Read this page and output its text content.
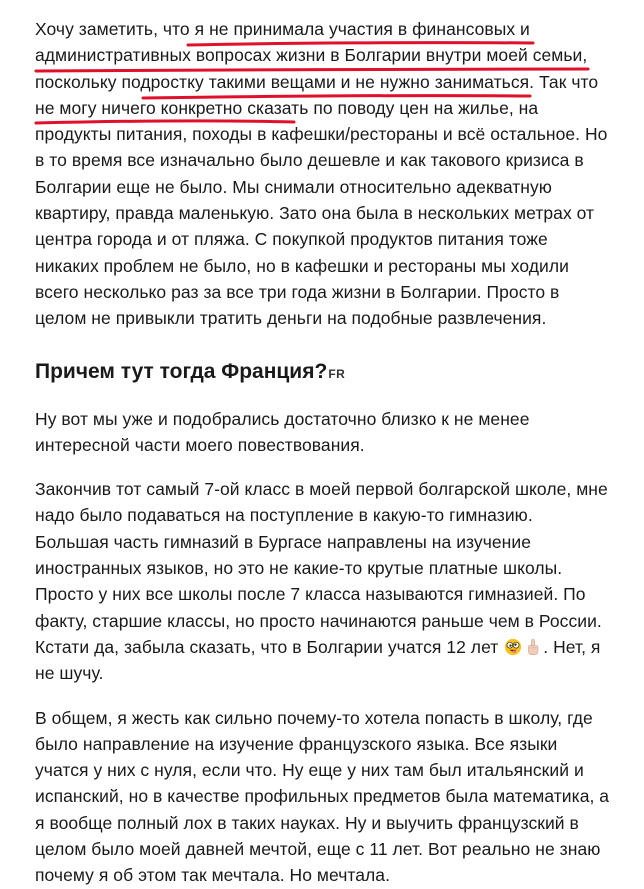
Хочу заметить, что я не принимала участия в финансовых и административных вопросах жизни в Болгарии внутри моей семьи, поскольку подростку такими вещами и не нужно заниматься. Так что не могу ничего конкретно сказать по поводу цен на жилье, на продукты питания, походы в кафешки/рестораны и всё остальное. Но в то время все изначально было дешевле и как такового кризиса в Болгарии еще не было. Мы снимали относительно адекватную квартиру, правда маленькую. Зато она была в нескольких метрах от центра города и от пляжа. С покупкой продуктов питания тоже никаких проблем не было, но в кафешки и рестораны мы ходили всего несколько раз за все три года жизни в Болгарии. Просто в целом не привыкли тратить деньги на подобные развлечения.

Причем тут тогда Франция?FR

Ну вот мы уже и подобрались достаточно близко к не менее интересной части моего повествования.

Закончив тот самый 7-ой класс в моей первой болгарской школе, мне надо было подаваться на поступление в какую-то гимназию. Большая часть гимназий в Бургасе направлены на изучение иностранных языков, но это не какие-то крутые платные школы. Просто у них все школы после 7 класса называются гимназией. По факту, старшие классы, но просто начинаются раньше чем в России. Кстати да, забыла сказать, что в Болгарии учатся 12 лет	. Нет, я не шучу.

В общем, я жесть как сильно почему-то хотела попасть в школу, где было направление на изучение французского языка. Все языки учатся у них с нуля, если что. Ну еще у них там был итальянский и испанский, но в качестве профильных предметов была математика, а я вообще полный лох в таких науках. Ну и выучить французский в целом было моей давней мечтой, еще с 11 лет. Вот реально не знаю почему я об этом так мечтала. Но мечтала.
